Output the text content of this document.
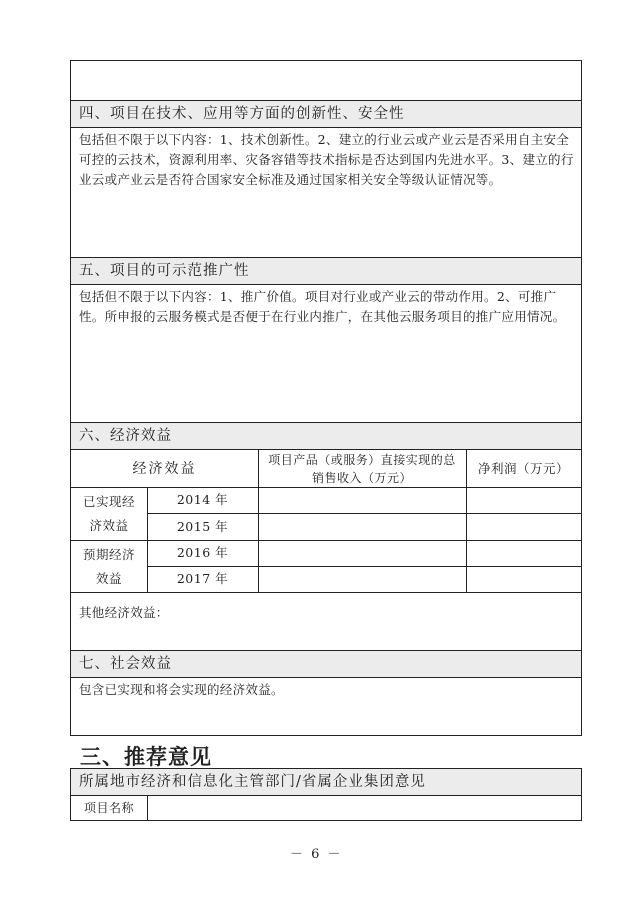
四、项目在技术、应用等方面的创新性、安全性
包括但不限于以下内容：1、技术创新性。2、建立的行业云或产业云是否采用自主安全可控的云技术，资源利用率、灾备容错等技术指标是否达到国内先进水平。3、建立的行业云或产业云是否符合国家安全标准及通过国家相关安全等级认证情况等。
五、项目的可示范推广性
包括但不限于以下内容：1、推广价值。项目对行业或产业云的带动作用。2、可推广性。所申报的云服务模式是否便于在行业内推广，在其他云服务项目的推广应用情况。
六、经济效益
经济效益
项目产品（或服务）直接实现的总销售收入（万元）
净利润（万元）
已实现经济效益
2014 年
2015 年
预期经济效益
2016 年
2017 年
其他经济效益：
七、社会效益
包含已实现和将会实现的经济效益。
三、推荐意见
所属地市经济和信息化主管部门/省属企业集团意见
项目名称
－ 6 －
